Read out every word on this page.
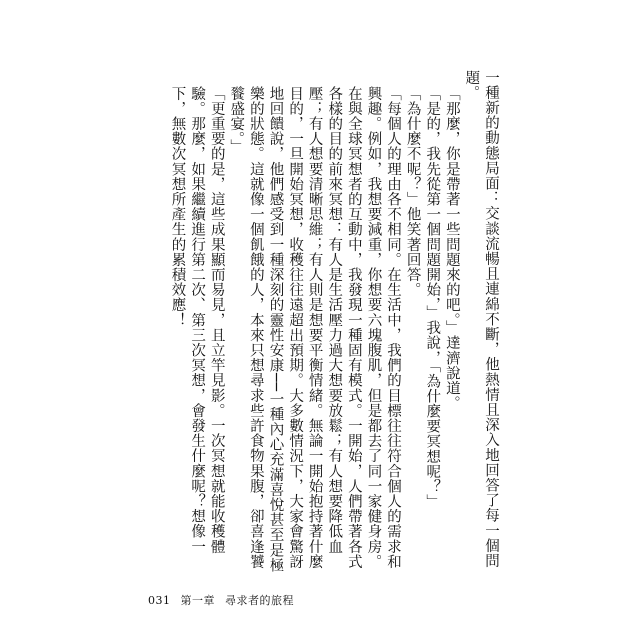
一種新的動態局面：交談流暢且連綿不斷，他熱情且深入地回答了每一個問題。

「那麼，你是帶著一些問題來的吧。」達濟說道。

「是的，我先從第一個問題開始，」我說，「為什麼要冥想呢？」

「為什麼不呢？」他笑著回答。

「每個人的理由各不相同。在生活中，我們的目標往往符合個人的需求和興趣。例如，我想要減重，你想要六塊腹肌，但是都去了同一家健身房。在與全球冥想者的互動中，我發現一種固有模式。一開始，人們帶著各式各樣的目的前來冥想：有人是生活壓力過大想要放鬆；有人想要降低血壓；有人想要清晰思維；有人則是想要平衡情緒。無論一開始抱持著什麼目的，一旦開始冥想，收穫往往遠超出預期。大多數情況下，大家會驚訝地回饋說，他們感受到一種深刻的靈性安康──一種內心充滿喜悅甚至是極樂的狀態。這就像一個飢餓的人，本來只想尋求些許食物果腹，卻喜逢饕餮盛宴。」

「更重要的是，這些成果顯而易見，且立竿見影。一次冥想就能收穫體驗。那麼，如果繼續進行第二次、第三次冥想，會發生什麼呢？想像一下，無數次冥想所產生的累積效應！

031 第一章 尋求者的旅程
